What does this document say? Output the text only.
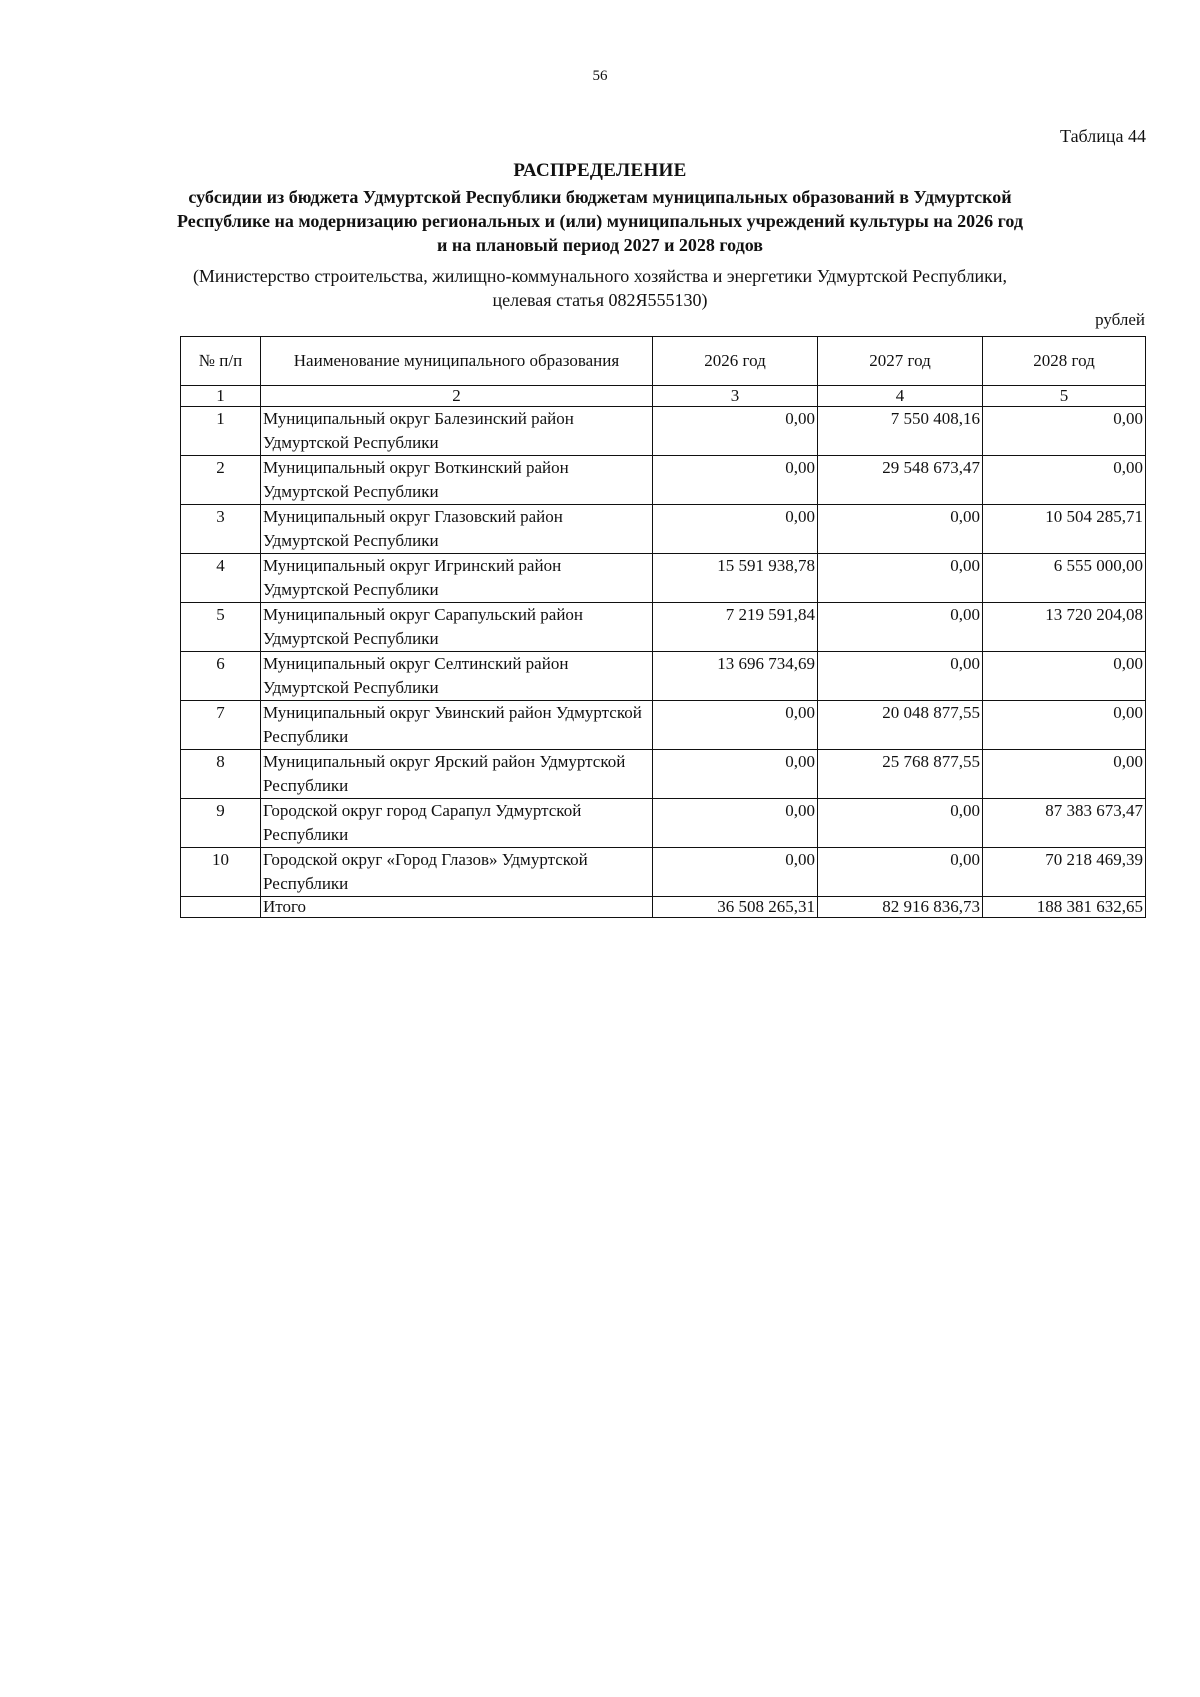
56
Таблица 44
РАСПРЕДЕЛЕНИЕ
субсидии из бюджета Удмуртской Республики бюджетам муниципальных образований в Удмуртской Республике на модернизацию региональных и (или) муниципальных учреждений культуры на 2026 год и на плановый период 2027 и 2028 годов
(Министерство строительства, жилищно-коммунального хозяйства и энергетики Удмуртской Республики, целевая статья 082Я555130)
рублей
№ п/п	Наименование муниципального образования	2026 год	2027 год	2028 год
1	2	3	4	5
1	Муниципальный округ Балезинский район Удмуртской Республики	0,00	7 550 408,16	0,00
2	Муниципальный округ Воткинский район Удмуртской Республики	0,00	29 548 673,47	0,00
3	Муниципальный округ Глазовский район Удмуртской Республики	0,00	0,00	10 504 285,71
4	Муниципальный округ Игринский район Удмуртской Республики	15 591 938,78	0,00	6 555 000,00
5	Муниципальный округ Сарапульский район Удмуртской Республики	7 219 591,84	0,00	13 720 204,08
6	Муниципальный округ Селтинский район Удмуртской Республики	13 696 734,69	0,00	0,00
7	Муниципальный округ Увинский район Удмуртской Республики	0,00	20 048 877,55	0,00
8	Муниципальный округ Ярский район Удмуртской Республики	0,00	25 768 877,55	0,00
9	Городской округ город Сарапул Удмуртской Республики	0,00	0,00	87 383 673,47
10	Городской округ «Город Глазов» Удмуртской Республики	0,00	0,00	70 218 469,39
	Итого	36 508 265,31	82 916 836,73	188 381 632,65
